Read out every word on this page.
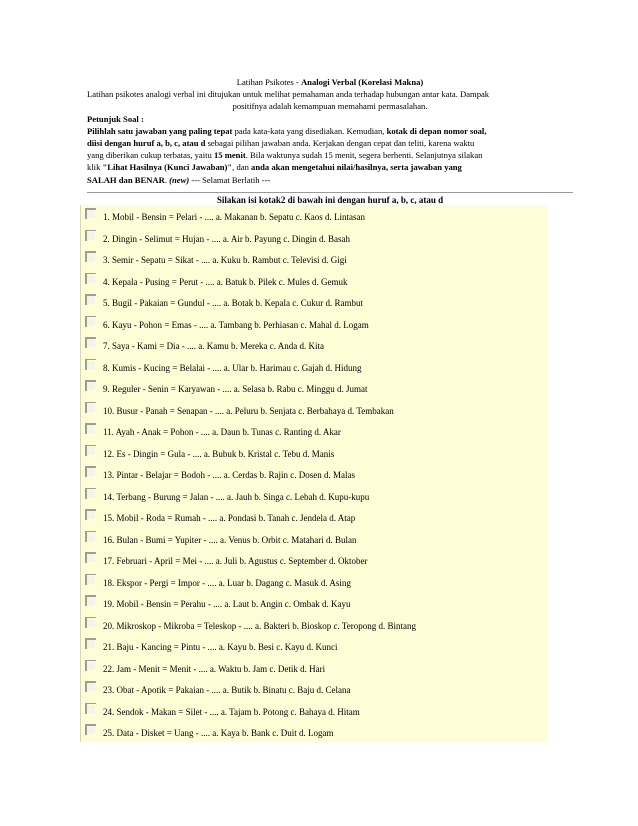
Latihan Psikotes - Analogi Verbal (Korelasi Makna)

Latihan psikotes analogi verbal ini ditujukan untuk melihat pemahaman anda terhadap hubungan antar kata. Dampak

positifnya adalah kemampuan memahami permasalahan.

Petunjuk Soal :

Pilihlah satu jawaban yang paling tepat pada kata-kata yang disediakan. Kemudian, kotak di depan nomor soal,

diisi dengan huruf a, b, c, atau d sebagai pilihan jawaban anda. Kerjakan dengan cepat dan teliti, karena waktu

yang diberikan cukup terbatas, yaitu 15 menit. Bila waktunya sudah 15 menit, segera berhenti. Selanjutnya silakan

klik "Lihat Hasilnya (Kunci Jawaban)", dan anda akan mengetahui nilai/hasilnya, serta jawaban yang

SALAH dan BENAR. (new) --- Selamat Berlatih ---

Silakan isi kotak2 di bawah ini dengan huruf a, b, c, atau d
1. Mobil - Bensin = Pelari - .... a. Makanan b. Sepatu c. Kaos d. Lintasan
2. Dingin - Selimut = Hujan - .... a. Air b. Payung c. Dingin d. Basah
3. Semir - Sepatu = Sikat - .... a. Kuku b. Rambut c. Televisi d. Gigi
4. Kepala - Pusing = Perut - .... a. Batuk b. Pilek c. Mules d. Gemuk
5. Bugil - Pakaian = Gundul - .... a. Botak b. Kepala c. Cukur d. Rambut
6. Kayu - Pohon = Emas - .... a. Tambang b. Perhiasan c. Mahal d. Logam
7. Saya - Kami = Dia - .... a. Kamu b. Mereka c. Anda d. Kita
8. Kumis - Kucing = Belalai - .... a. Ular b. Harimau c. Gajah d. Hidung
9. Reguler - Senin = Karyawan - .... a. Selasa b. Rabu c. Minggu d. Jumat
10. Busur - Panah = Senapan - .... a. Peluru b. Senjata c. Berbahaya d. Tembakan
11. Ayah - Anak = Pohon - .... a. Daun b. Tunas c. Ranting d. Akar
12. Es - Dingin = Gula - .... a. Bubuk b. Kristal c. Tebu d. Manis
13. Pintar - Belajar = Bodoh - .... a. Cerdas b. Rajin c. Dosen d. Malas
14. Terbang - Burung = Jalan - .... a. Jauh b. Singa c. Lebah d. Kupu-kupu
15. Mobil - Roda = Rumah - .... a. Pondasi b. Tanah c. Jendela d. Atap
16. Bulan - Bumi = Yupiter - .... a. Venus b. Orbit c. Matahari d. Bulan
17. Februari - April = Mei - .... a. Juli b. Agustus c. September d. Oktober
18. Ekspor - Pergi = Impor - .... a. Luar b. Dagang c. Masuk d. Asing
19. Mobil - Bensin = Perahu - .... a. Laut b. Angin c. Ombak d. Kayu
20. Mikroskop - Mikroba = Teleskop - .... a. Bakteri b. Bioskop c. Teropong d. Bintang
21. Baju - Kancing = Pintu - .... a. Kayu b. Besi c. Kayu d. Kunci
22. Jam - Menit = Menit - .... a. Waktu b. Jam c. Detik d. Hari
23. Obat - Apotik = Pakaian - .... a. Butik b. Binatu c. Baju d. Celana
24. Sendok - Makan = Silet - .... a. Tajam b. Potong c. Bahaya d. Hitam
25. Data - Disket = Uang - .... a. Kaya b. Bank c. Duit d. Logam
